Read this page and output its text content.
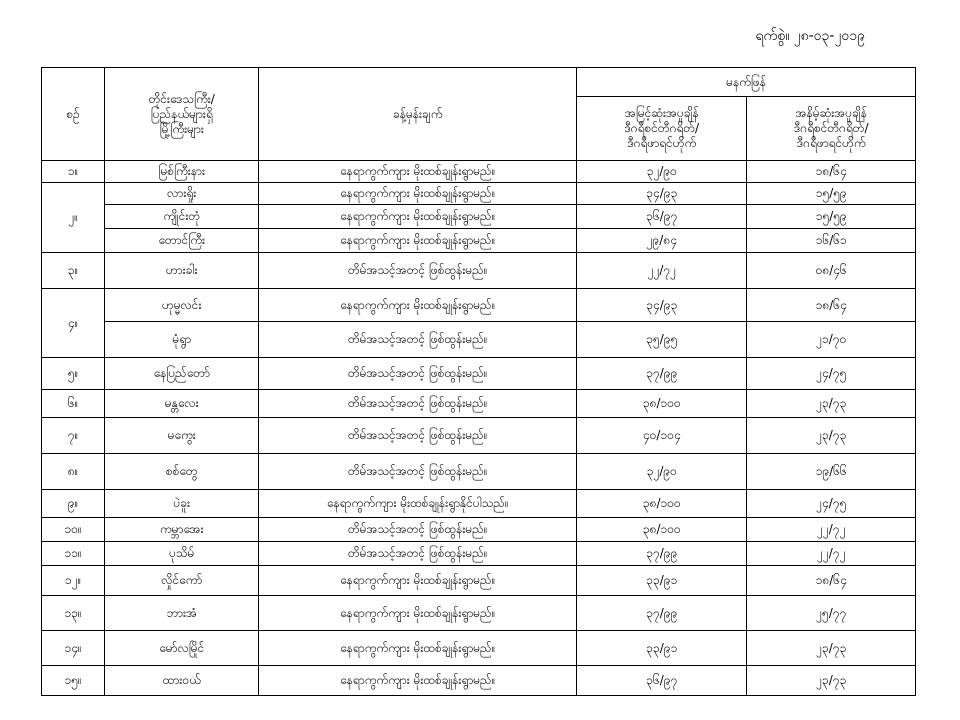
ရက်စွဲ။ ၂၈-၀၃-၂၀၁၉
စဉ်	တိုင်းဒေသကြီး/
ပြည်နယ်များရှိ
မြို့ကြီးများ	ခန့်မှန်းချက်	မနက်ဖြန်	
			အမြင့်ဆုံးအပူချိန်
ဒီဂရီစင်တီဂရိတ်/
ဒီဂရီဖာရင်ဟိုက်	အနိမ့်ဆုံးအပူချိန်
ဒီဂရီစင်တီဂရိတ်/
ဒီဂရီဖာရင်ဟိုက်
၁။	မြစ်ကြီးနား	နေရာကွက်ကျား မိုးထစ်ချုန်းရွာမည်။	၃၂/၉၀	၁၈/၆၄
၂။	လားရှိုး	နေရာကွက်ကျား မိုးထစ်ချုန်းရွာမည်။	၃၄/၉၃	၁၅/၅၉
	ကျိုင်းတုံ	နေရာကွက်ကျား မိုးထစ်ချုန်းရွာမည်။	၃၆/၉၇	၁၅/၅၉
	တောင်ကြီး	နေရာကွက်ကျား မိုးထစ်ချုန်းရွာမည်။	၂၉/၈၄	၁၆/၆၁
၃။	ဟားခါး	တိမ်အသင့်အတင့် ဖြစ်ထွန်းမည်။	၂၂/၇၂	၀၈/၄၆
၄။	ဟုမ္မလင်း	နေရာကွက်ကျား မိုးထစ်ချုန်းရွာမည်။	၃၄/၉၃	၁၈/၆၄
	မုံရွာ	တိမ်အသင့်အတင့် ဖြစ်ထွန်းမည်။	၃၅/၉၅	၂၁/၇၀
၅။	နေပြည်တော်	တိမ်အသင့်အတင့် ဖြစ်ထွန်းမည်။	၃၇/၉၉	၂၄/၇၅
၆။	မန္တလေး	တိမ်အသင့်အတင့် ဖြစ်ထွန်းမည်။	၃၈/၁၀၀	၂၃/၇၃
၇။	မကွေး	တိမ်အသင့်အတင့် ဖြစ်ထွန်းမည်။	၄၀/၁၀၄	၂၃/၇၃
၈။	စစ်တွေ	တိမ်အသင့်အတင့် ဖြစ်ထွန်းမည်။	၃၂/၉၀	၁၉/၆၆
၉။	ပဲခူး	နေရာကွက်ကျား မိုးထစ်ချုန်းရွာနိုင်ပါသည်။	၃၈/၁၀၀	၂၄/၇၅
၁၀။	ကမ္ဘာအေး	တိမ်အသင့်အတင့် ဖြစ်ထွန်းမည်။	၃၈/၁၀၀	၂၂/၇၂
၁၁။	ပုသိမ်	တိမ်အသင့်အတင့် ဖြစ်ထွန်းမည်။	၃၇/၉၉	၂၂/၇၂
၁၂။	လှိုင်ကော်	နေရာကွက်ကျား မိုးထစ်ချုန်းရွာမည်။	၃၃/၉၁	၁၈/၆၄
၁၃။	ဘားအံ	နေရာကွက်ကျား မိုးထစ်ချုန်းရွာမည်။	၃၇/၉၉	၂၅/၇၇
၁၄။	မော်လမြိုင်	နေရာကွက်ကျား မိုးထစ်ချုန်းရွာမည်။	၃၃/၉၁	၂၃/၇၃
၁၅။	ထားဝယ်	နေရာကွက်ကျား မိုးထစ်ချုန်းရွာမည်။	၃၆/၉၇	၂၃/၇၃
